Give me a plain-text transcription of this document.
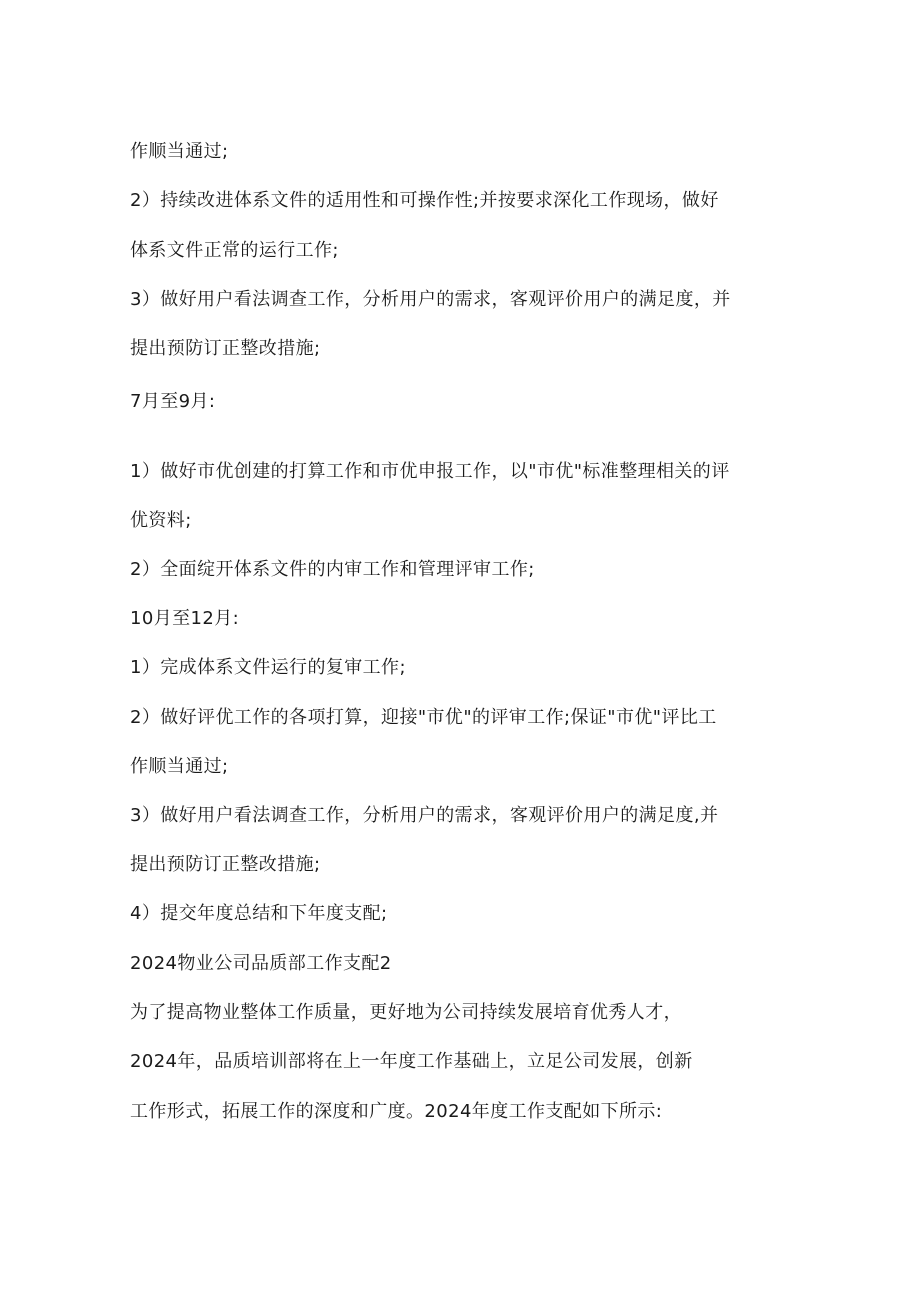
作顺当通过;
2）持续改进体系文件的适用性和可操作性;并按要求深化工作现场，做好
体系文件正常的运行工作;
3）做好用户看法调查工作，分析用户的需求，客观评价用户的满足度，并
提出预防订正整改措施;
7月至9月:
1）做好市优创建的打算工作和市优申报工作，以"市优"标准整理相关的评
优资料;
2）全面绽开体系文件的内审工作和管理评审工作;
10月至12月:
1）完成体系文件运行的复审工作;
2）做好评优工作的各项打算，迎接"市优"的评审工作;保证"市优"评比工
作顺当通过;
3）做好用户看法调查工作，分析用户的需求，客观评价用户的满足度,并
提出预防订正整改措施;
4）提交年度总结和下年度支配;
2024物业公司品质部工作支配2
为了提高物业整体工作质量，更好地为公司持续发展培育优秀人才，
2024年，品质培训部将在上一年度工作基础上，立足公司发展，创新
工作形式，拓展工作的深度和广度。2024年度工作支配如下所示:
